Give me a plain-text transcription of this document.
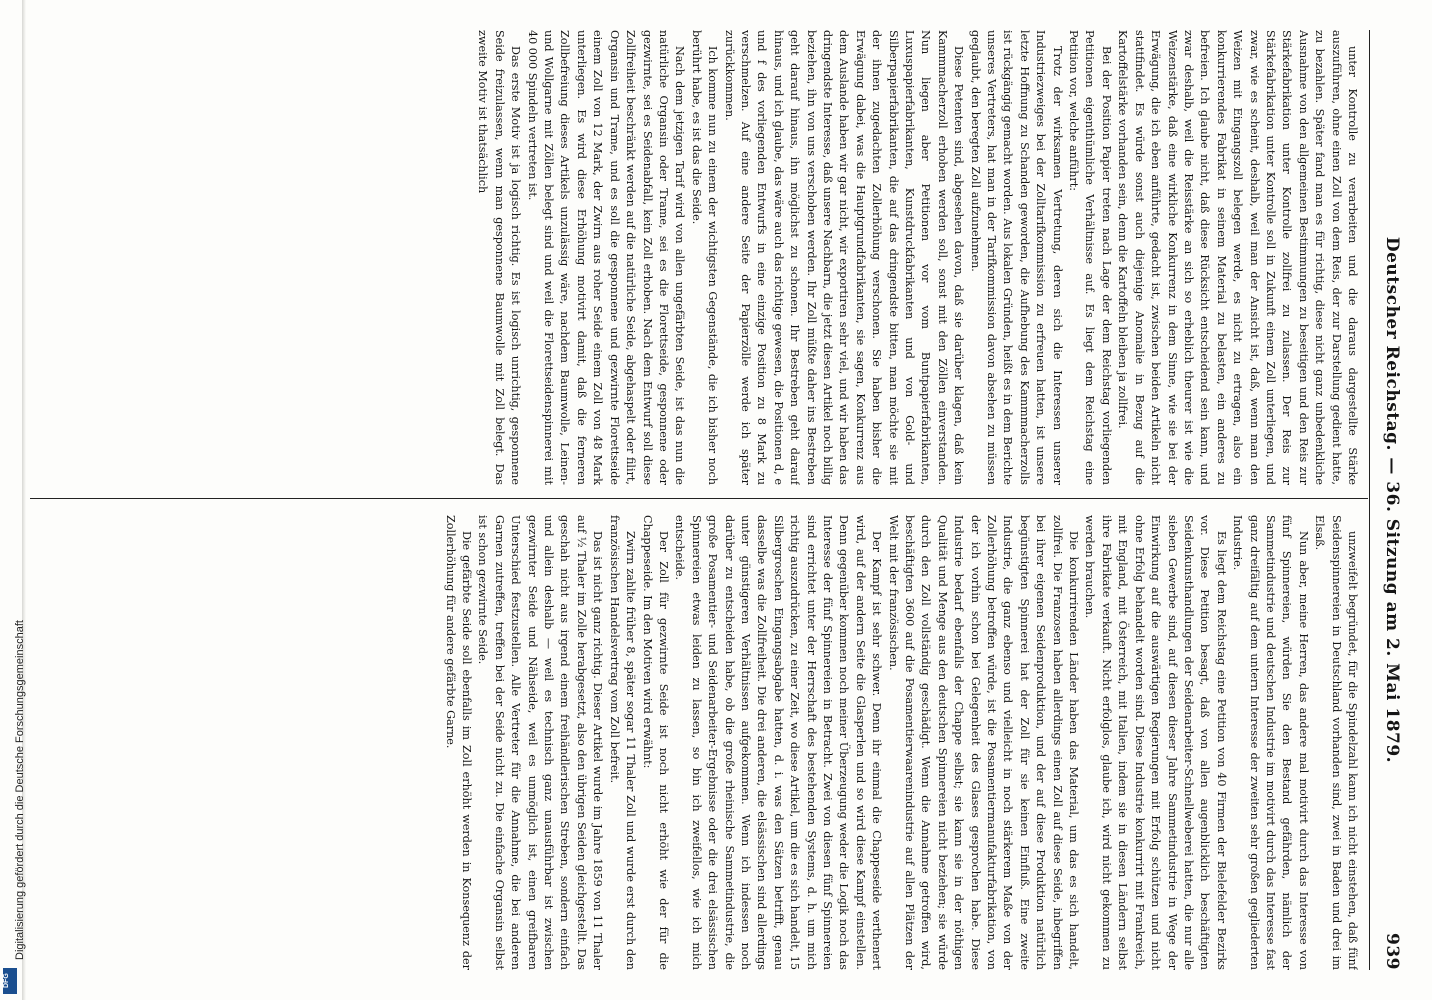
Digitalisierung gefördert durch die Deutsche Forschungsgemeinschaft
DFG
Deutscher Reichstag. — 36. Sitzung am 2. Mai 1879.
939

unter Kontrolle zu verarbeiten und die daraus dargestellte Stärke auszuführen, ohne einen Zoll von dem Reis, der zur Darstellung gedient hatte, zu bezahlen. Später fand man es für richtig, diese nicht ganz unbedenkliche Ausnahme von den allgemeinen Bestimmungen zu beseitigen und den Reis zur Stärkefabrikation unter Kontrolle zollfrei zu zulassen. Der Reis zur Stärkefabrikation unter Kontrolle soll in Zukunft einem Zoll unterliegen, und zwar, wie es scheint, deshalb, weil man der Ansicht ist, daß, wenn man den Weizen mit Eingangszoll belegen werde, es nicht zu ertragen, also ein konkurrierendes Fabrikat in seinem Material zu belasten, ein anderes zu befreien. Ich glaube nicht, daß diese Rücksicht entscheidend sein kann, und zwar deshalb, weil die Reisstärke an sich so erheblich theurer ist wie die Weizenstärke, daß eine wirkliche Konkurrenz in dem Sinne, wie sie bei der Erwägung, die ich eben anführte, gedacht ist, zwischen beiden Artikeln nicht stattfindet. Es würde sonst auch diejenige Anomalie in Bezug auf die Kartoffelstärke vorhanden sein, denn die Kartoffeln bleiben ja zollfrei.

Bei der Position Papier treten nach Lage der dem Reichstag vorliegenden Petitionen eigenthümliche Verhältnisse auf. Es liegt dem Reichstag eine Petition vor, welche anführt:

Trotz der wirksamen Vertretung, deren sich die Interessen unserer Industriezweiges bei der Zolltarifkommission zu erfreuen hatten, ist unsere letzte Hoffnung zu Schanden geworden, die Aufhebung des Kammmacherzolls ist rückgängig gemacht worden. Aus lokalen Gründen, heißt es in dem Berichte unseres Vertreters, hat man in der Tarifkommission davon absehen zu müssen geglaubt, den beregten Zoll aufzunehmen.

Diese Petenten sind, abgesehen davon, daß sie darüber klagen, daß kein Kammmacherzoll erhoben werden soll, sonst mit den Zöllen einverstanden. Nun liegen aber Petitionen vor vom Buntpapierfabrikanten, Luxuspapierfabrikanten, Kunstdruckfabrikanten und von Gold- und Silberpapierfabrikanten, die auf das dringendste bitten, man möchte sie mit der ihnen zugedachten Zollerhöhung verschonen. Sie haben bisher die Erwägung dabei, was die Hauptgrundfabrikanten, sie sagen, Konkurrenz aus dem Auslande haben wir gar nicht, wir exportiren sehr viel, und wir haben das dringendste Interesse, daß unsere Nachbarn, die jetzt diesen Artikel noch billig beziehen, ihn von uns verschoben werden. Ihr Zoll müßte daher ins Bestreben geht darauf hinaus, ihn möglichst zu schonen. Ihr Bestreben geht darauf hinaus, und ich glaube, das wäre auch das richtige gewesen, die Positionen d, e und f des vorliegenden Entwurfs in eine einzige Position zu 8 Mark zu verschmelzen. Auf eine andere Seite der Papierzölle werde ich später zurückkommen.

Ich komme nun zu einem der wichtigsten Gegenstände, die ich bisher noch berührt habe, es ist das die Seide.

Nach dem jetzigen Tarif wird von allen ungefärbten Seide, ist das nun die natürliche Organsin oder Trame, sei es die Florettseide, gesponnene oder gezwirnte, sei es Seidenabfall, kein Zoll erhoben. Nach dem Entwurf soll diese Zollfreiheit beschränkt werden auf die natürliche Seide, abgehaspelt oder filirt, Organsin und Trame, und es soll die gesponnene und gezwirnte Florettseide einem Zoll von 12 Mark, der Zwirn aus roher Seide einem Zoll von 48 Mark unterliegen. Es wird diese Erhöhung motivirt damit, daß die ferneren Zollbefreiung dieses Artikels unzulässig wäre, nachdem Baumwolle, Leinen- und Wollgarne mit Zöllen belegt sind und weil die Florettseidenspinnerei mit 40 000 Spindeln vertreten ist.

Das erste Motiv ist ja logisch richtig. Es ist logisch unrichtig, gesponnene Seide freizulassen, wenn man gesponnene Baumwolle mit Zoll belegt. Das zweite Motiv ist thatsächlich

unzweifelt begründet, für die Spindelzahl kann ich nicht einstehen, daß fünf Seidenspinnereien in Deutschland vorhanden sind, zwei in Baden und drei im Elsaß.

Nun aber, meine Herren, das andere mal motivirt durch das Interesse von fünf Spinnereien, würden Sie den Bestand gefährden, nämlich der Sammetindustrie und deutschen Industrie im motivirt durch das Interesse fast ganz dreifältig auf dem untern Interesse der zweiten sehr großen gegliederten Industrie.

Es liegt dem Reichstag eine Petition von 40 Firmen der Bielefelder Bezirks vor. Diese Petition besagt, daß von allen augenblicklich beschäftigten Seidenkunsthandlungen der Seidenarbeiter-Schnellweberei hatten, die nur alle sieben Gewerbe sind, auf diesen dieser Jahre Sammetindustrie in Wege der Einwirkung auf die auswärtigen Regierungen mit Erfolg schützen und nicht ohne Erfolg behandelt worden sind. Diese Industrie konkurrirt mit Frankreich, mit England, mit Österreich, mit Italien, indem sie in diesen Ländern selbst ihre Fabrikate verkauft. Nicht erfolglos, glaube ich, wird nicht gekommen zu werden brauchen.

Die konkurrirenden Länder haben das Material, um das es sich handelt, zollfrei. Die Franzosen haben allerdings einen Zoll auf diese Seide, inbegriffen bei ihrer eigenen Seidenproduktion, und der auf diese Produktion natürlich begünstigten Spinnerei hat der Zoll für sie keinen Einfluß. Eine zweite Industrie, die ganz ebenso und vielleicht in noch stärkerem Maße von der Zollerhöhung betroffen würde, ist die Posamentiermanufakturfabrikation, von der ich vorhin schon bei Gelegenheit des Glases gesprochen habe. Diese Industrie bedarf ebenfalls der Chappe selbst; sie kann sie in der nöthigen Qualität und Menge aus den deutschen Spinnereien nicht beziehen; sie würde durch den Zoll vollständig geschädigt. Wenn die Annahme getroffen wird, beschäftigten 3600 auf die Posamentierwaarenindustrie auf allen Plätzen der Welt mit der französischen.

Der Kampf ist sehr schwer. Denn ihr einmal die Chappeseide verthenert wird, auf der andern Seite die Glasperlen und so wird diese Kampf einstellen. Denn gegenüber kommen noch meiner Überzeugung weder die Logik noch das Interesse der fünf Spinnereien in Betracht. Zwei von diesen fünf Spinnereien sind errichtet unter der Herrschaft des bestehenden Systems, d. h. um mich richtig auszudrücken, zu einer Zeit, wo diese Artikel, um die es sich handelt, 15 Silbergroschen Eingangsabgabe hatten, d. i. was den Sätzen betrifft, genau dasselbe was die Zollfreiheit. Die drei anderen, die elsässischen sind allerdings unter günstigeren Verhältnissen aufgekommen. Wenn ich indessen noch darüber zu entscheiden habe, ob die große rheinische Sammetindustrie, die große Posamentier- und Seidenarbeiter-Ergebnisse oder die drei elsässischen Spinnereien etwas leiden zu lassen, so bin ich zweifellos, wie ich mich entscheide.

Der Zoll für gezwirnte Seide ist noch nicht erhöht wie der für die Chappeseide. Im den Motiven wird erwähnt:

Zwirn zahlte früher 8, später sogar 11 Thaler Zoll und wurde erst durch den französischen Handelsvertrag vom Zoll befreit.

Das ist nicht ganz richtig. Dieser Artikel wurde im Jahre 1859 von 11 Thaler auf ½ Thaler im Zolle herabgesetzt, also den übrigen Seiden gleichgestellt. Das geschah nicht aus irgend einem freihändlerischen Streben, sondern einfach und allein deshalb — weil es technisch ganz unausführbar ist zwischen gezwirnter Seide und Nähseide, weil es unmöglich ist, einen greifbaren Unterschied festzustellen. Alle Vertreter für die Annahme, die bei anderen Garnen zutreffen, treffen bei der Seide nicht zu. Die einfache Organsin selbst ist schon gezwirnte Seide.

Die gefärbte Seide soll ebenfalls im Zoll erhöht werden in Konsequenz der Zollerhöhung für andere gefärbte Garne.
